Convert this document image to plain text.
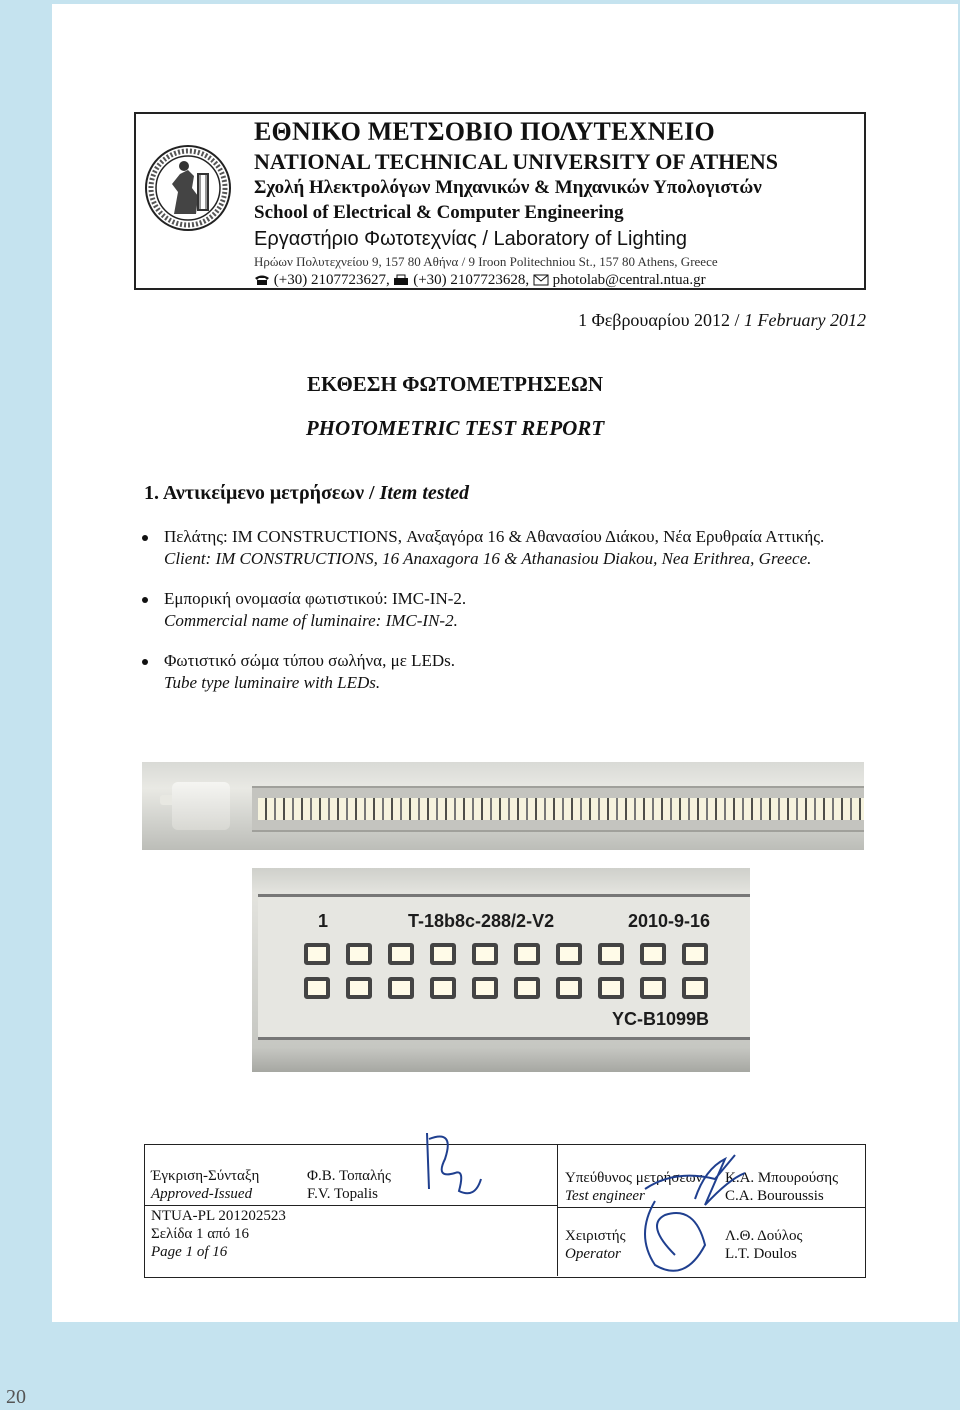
ΕΘΝΙΚΟ ΜΕΤΣΟΒΙΟ ΠΟΛΥΤΕΧΝΕΙΟ
NATIONAL TECHNICAL UNIVERSITY OF ATHENS
Σχολή Ηλεκτρολόγων Μηχανικών & Μηχανικών Υπολογιστών
School of Electrical & Computer Engineering
Εργαστήριο Φωτοτεχνίας / Laboratory of Lighting
Ηρώων Πολυτεχνείου 9, 157 80 Αθήνα / 9 Iroon Politechniou St., 157 80 Athens, Greece
(+30) 2107723627, (+30) 2107723628, photolab@central.ntua.gr
1 Φεβρουαρίου 2012 / 1 February 2012
ΕΚΘΕΣΗ ΦΩΤΟΜΕΤΡΗΣΕΩΝ
PHOTOMETRIC TEST REPORT
1. Αντικείμενο μετρήσεων / Item tested
Πελάτης: IM CONSTRUCTIONS, Αναξαγόρα 16 & Αθανασίου Διάκου, Νέα Ερυθραία Αττικής.
Client: IM CONSTRUCTIONS, 16 Anaxagora 16 & Athanasiou Diakou, Nea Erithrea, Greece.
Εμπορική ονομασία φωτιστικού: IMC-IN-2.
Commercial name of luminaire: IMC-IN-2.
Φωτιστικό σώμα τύπου σωλήνα, με LEDs.
Tube type luminaire with LEDs.
1	T-18b8c-288/2-V2	2010-9-16
YC-B1099B
Έγκριση-Σύνταξη
Approved-Issued
Φ.Β. Τοπαλής
F.V. Topalis
NTUA-PL 201202523
Σελίδα 1 από 16
Page 1 of 16
Υπεύθυνος μετρήσεων
Test engineer
Κ.Α. Μπουρούσης
C.A. Bouroussis
Χειριστής
Operator
Λ.Θ. Δούλος
L.T. Doulos
20
